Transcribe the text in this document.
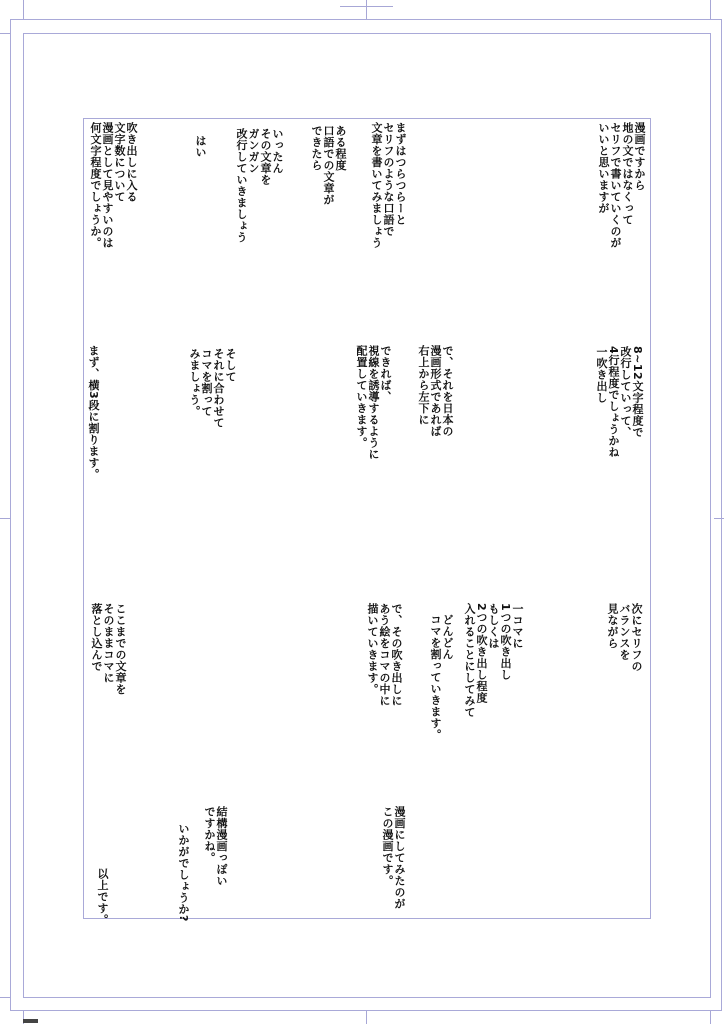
漫画ですから
地の文ではなくって
セリフで書いていくのが
いいと思いますが
まずはつらつらーと
セリフのような口語で
文章を書いてみましょう
ある程度
口語での文章が
できたら
いったん
その文章を
ガンガン
改行していきましょう
はい
吹き出しに入る
文字数について
漫画として見やすいのは
何文字程度でしょうか。
8~12文字程度で
改行していって、
4行程度でしょうかね
一吹き出し
で、それを日本の
漫画形式であれば
右上から左下に
できれば、
視線を誘導するように
配置していきます。
そして
それに合わせて
コマを割って
みましょう。
まず、横3段に割ります。
次にセリフの
バランスを
見ながら
一コマに
1つの吹き出し
もしくは
2つの吹き出し程度
入れることにしてみて
どんどん
コマを割っていきます。
で、その吹き出しに
あう絵をコマの中に
描いていきます。
ここまでの文章を
そのままコマに
落とし込んで
漫画にしてみたのが
この漫画です。
結構漫画っぽい
ですかね。
いかがでしょうか?
以上です。
